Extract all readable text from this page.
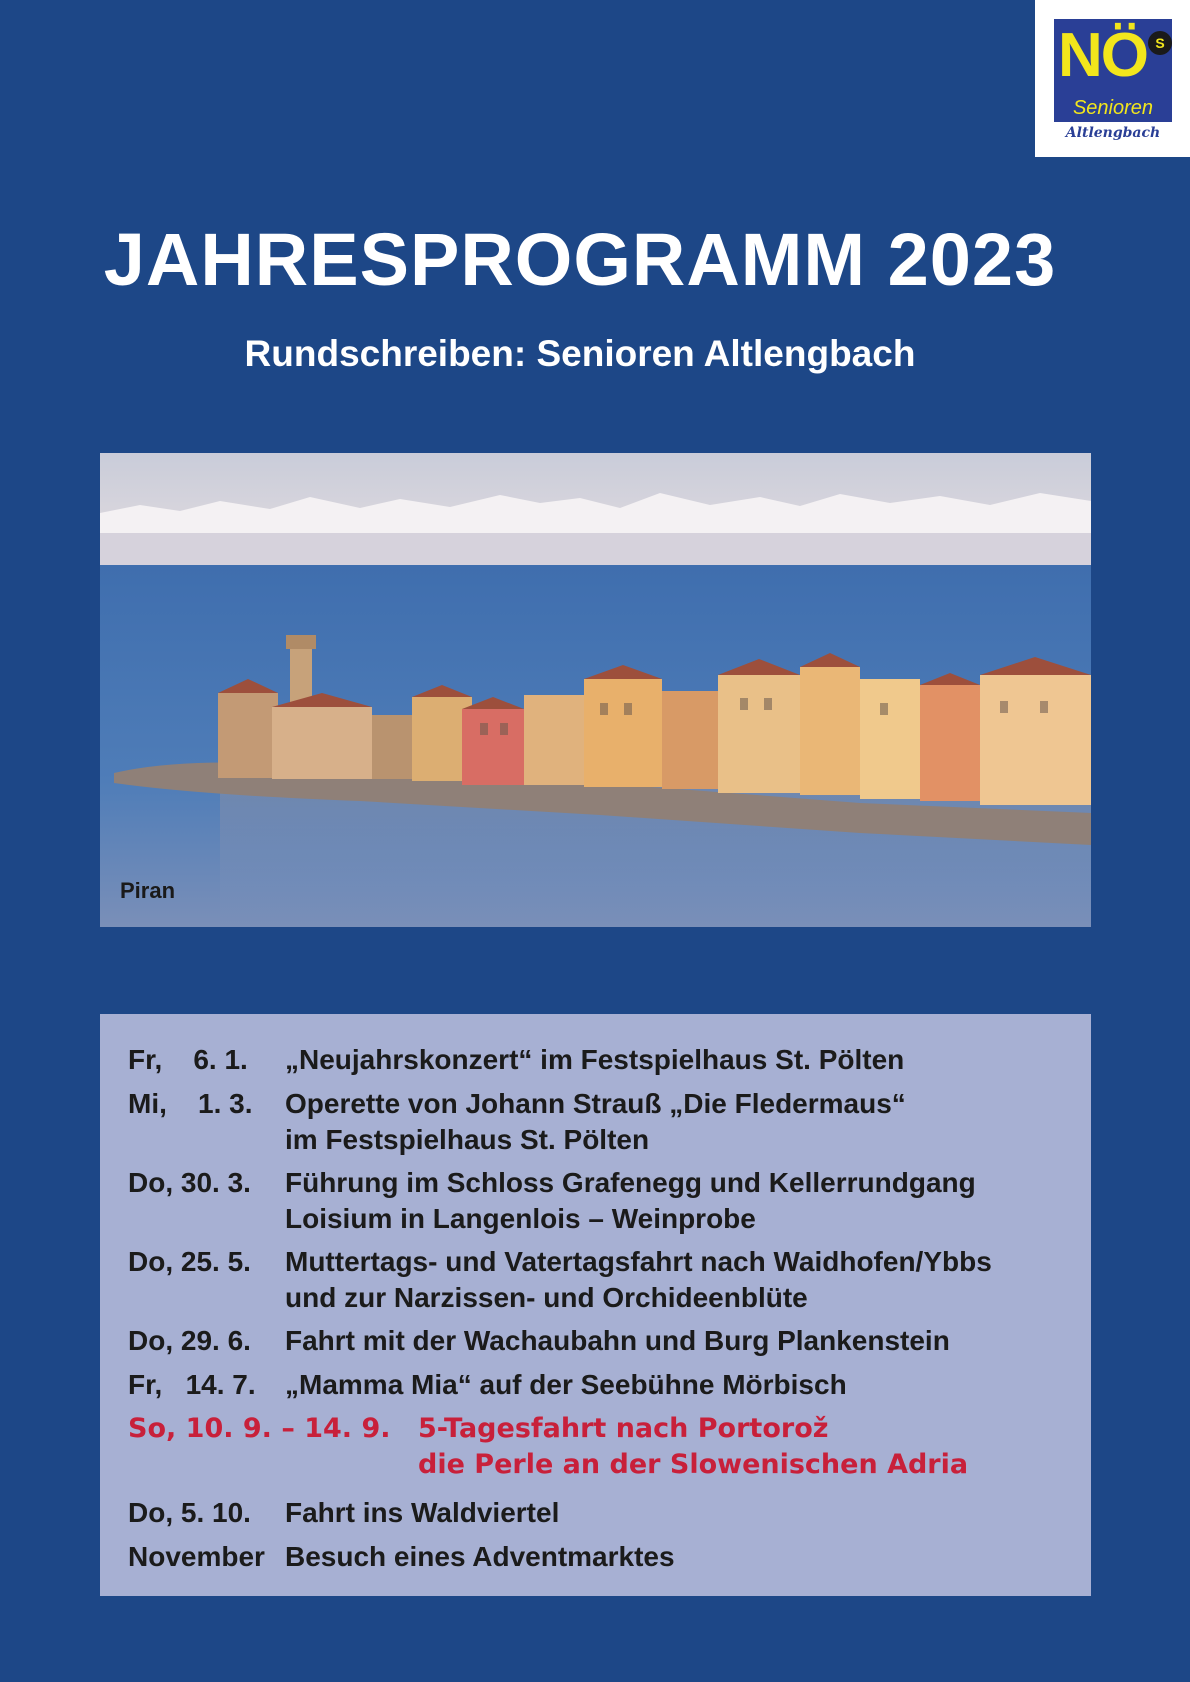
NÖ S
Senioren
Altlengbach
JAHRESPROGRAMM 2023
Rundschreiben: Senioren Altlengbach
Piran
Fr,    6. 1. „Neujahrskonzert“ im Festspielhaus St. Pölten
Mi,    1. 3. Operette von Johann Strauß „Die Fledermaus“
im Festspielhaus St. Pölten
Do, 30. 3. Führung im Schloss Grafenegg und Kellerrundgang
Loisium in Langenlois – Weinprobe
Do, 25. 5. Muttertags- und Vatertagsfahrt nach Waidhofen/Ybbs
und zur Narzissen- und Orchideenblüte
Do, 29. 6. Fahrt mit der Wachaubahn und Burg Plankenstein
Fr,   14. 7. „Mamma Mia“ auf der Seebühne Mörbisch
So, 10. 9. – 14. 9. 5-Tagesfahrt nach Portorož
die Perle an der Slowenischen Adria
Do, 5. 10. Fahrt ins Waldviertel
November Besuch eines Adventmarktes
